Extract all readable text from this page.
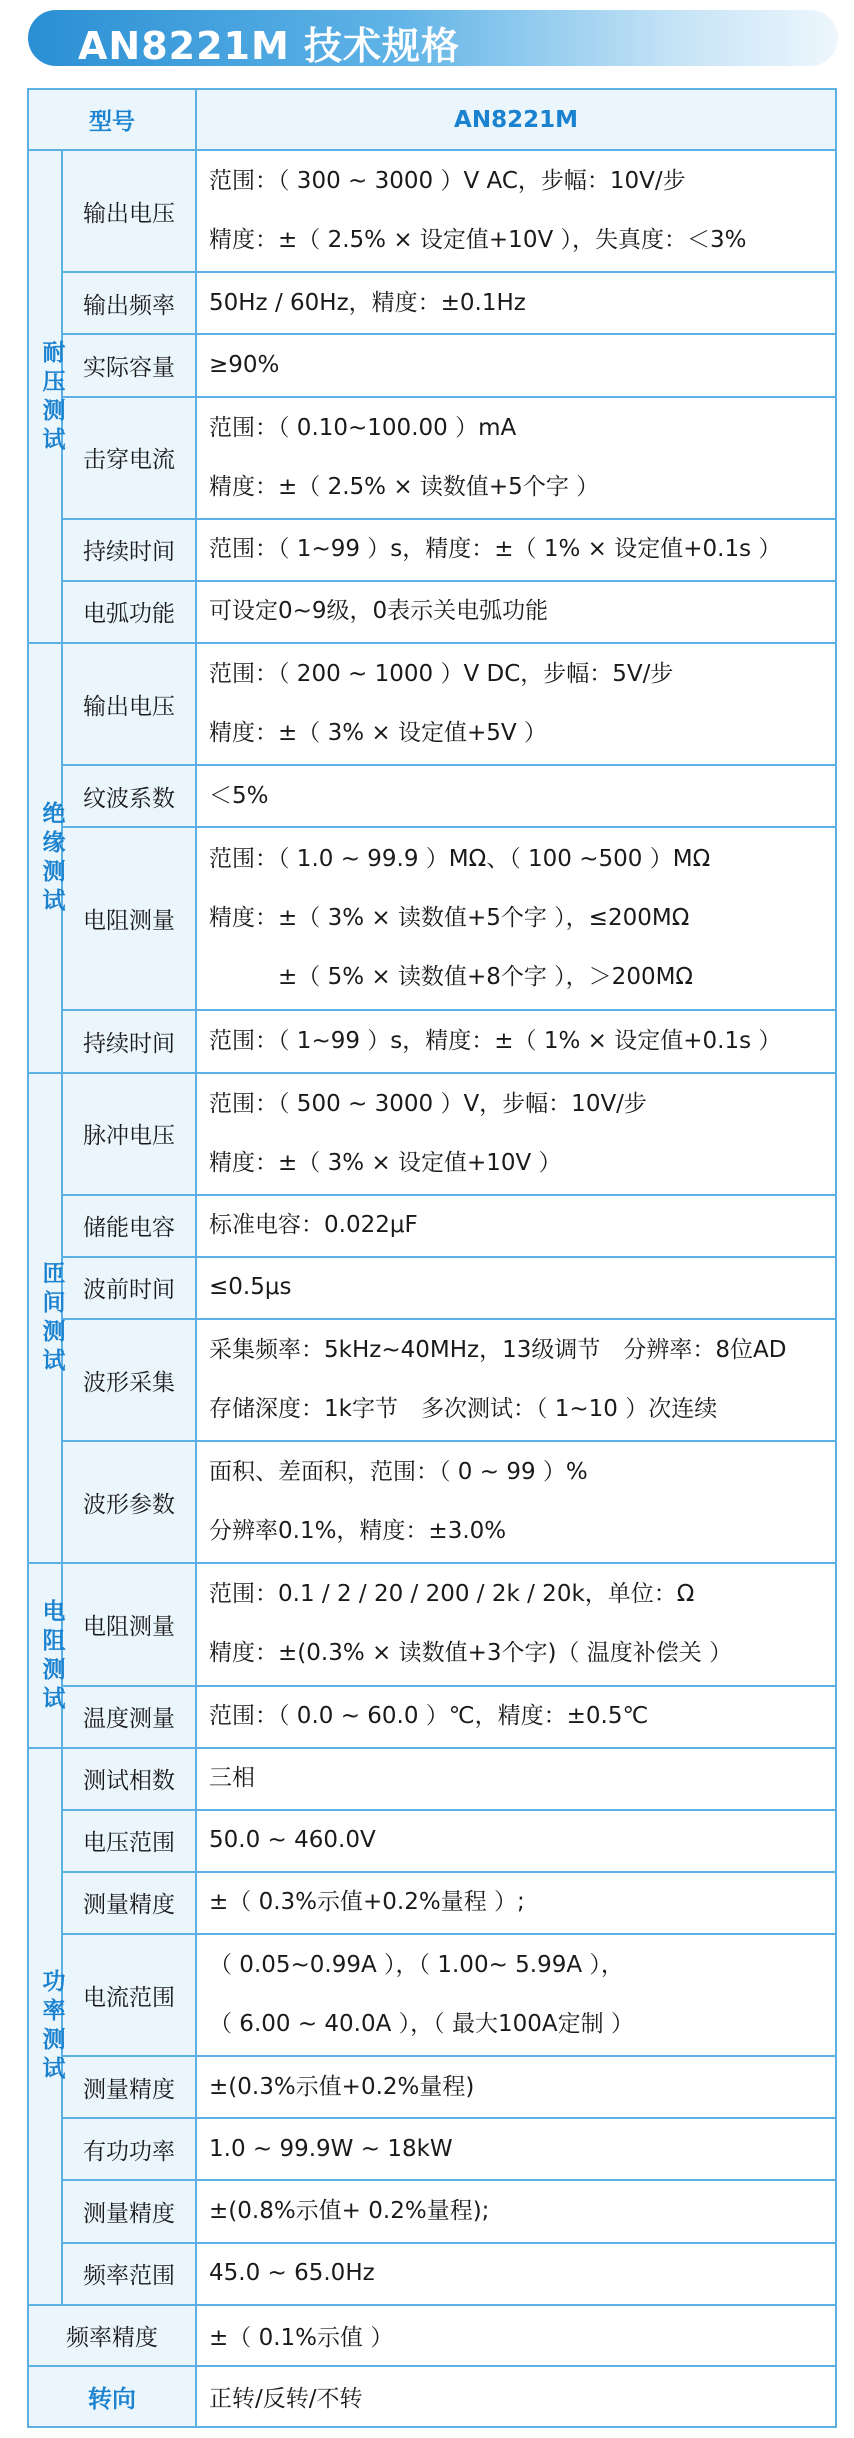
AN8221M 技术规格
型号		AN8221M
耐压测试	输出电压	范围：（ 300 ~ 3000 ）V AC，步幅：10V/步
精度：±（ 2.5% × 设定值+10V ），失真度：＜3%

	输出频率	50Hz / 60Hz，精度：±0.1Hz

	实际容量	≥90%

	击穿电流	范围：（ 0.10~100.00 ）mA
精度：±（ 2.5% × 读数值+5个字 ）

	持续时间	范围：（ 1~99 ）s，精度：±（ 1% × 设定值+0.1s ）

	电弧功能	可设定0~9级，0表示关电弧功能

绝缘测试	输出电压	范围：（ 200 ~ 1000 ）V DC，步幅：5V/步
精度：±（ 3% × 设定值+5V ）

	纹波系数	＜5%

	电阻测量	范围：（ 1.0 ~ 99.9 ）MΩ、（ 100 ~500 ）MΩ
精度：±（ 3% × 读数值+5个字 ），≤200MΩ
　　　±（ 5% × 读数值+8个字 ），＞200MΩ

	持续时间	范围：（ 1~99 ）s，精度：±（ 1% × 设定值+0.1s ）

匝间测试	脉冲电压	范围：（ 500 ~ 3000 ）V，步幅：10V/步
精度：±（ 3% × 设定值+10V ）

	储能电容	标准电容：0.022μF

	波前时间	≤0.5μs

	波形采集	采集频率：5kHz~40MHz，13级调节　分辨率：8位AD
存储深度：1k字节　多次测试：（ 1~10 ）次连续

	波形参数	面积、差面积，范围：（ 0 ~ 99 ）%
分辨率0.1%，精度：±3.0%

电阻测试	电阻测量	范围：0.1 / 2 / 20 / 200 / 2k / 20k，单位：Ω
精度：±(0.3% × 读数值+3个字)（ 温度补偿关 ）

	温度测量	范围：（ 0.0 ~ 60.0 ）℃，精度：±0.5℃

功率测试	测试相数	三相

	电压范围	50.0 ~ 460.0V

	测量精度	±（ 0.3%示值+0.2%量程 ）;

	电流范围	（ 0.05~0.99A ），（ 1.00~ 5.99A ），
（ 6.00 ~ 40.0A ），（ 最大100A定制 ）

	测量精度	±(0.3%示值+0.2%量程)

	有功功率	1.0 ~ 99.9W ~ 18kW

	测量精度	±(0.8%示值+ 0.2%量程);

	频率范围	45.0 ~ 65.0Hz

频率精度		±（ 0.1%示值 ）
转向		正转/反转/不转
